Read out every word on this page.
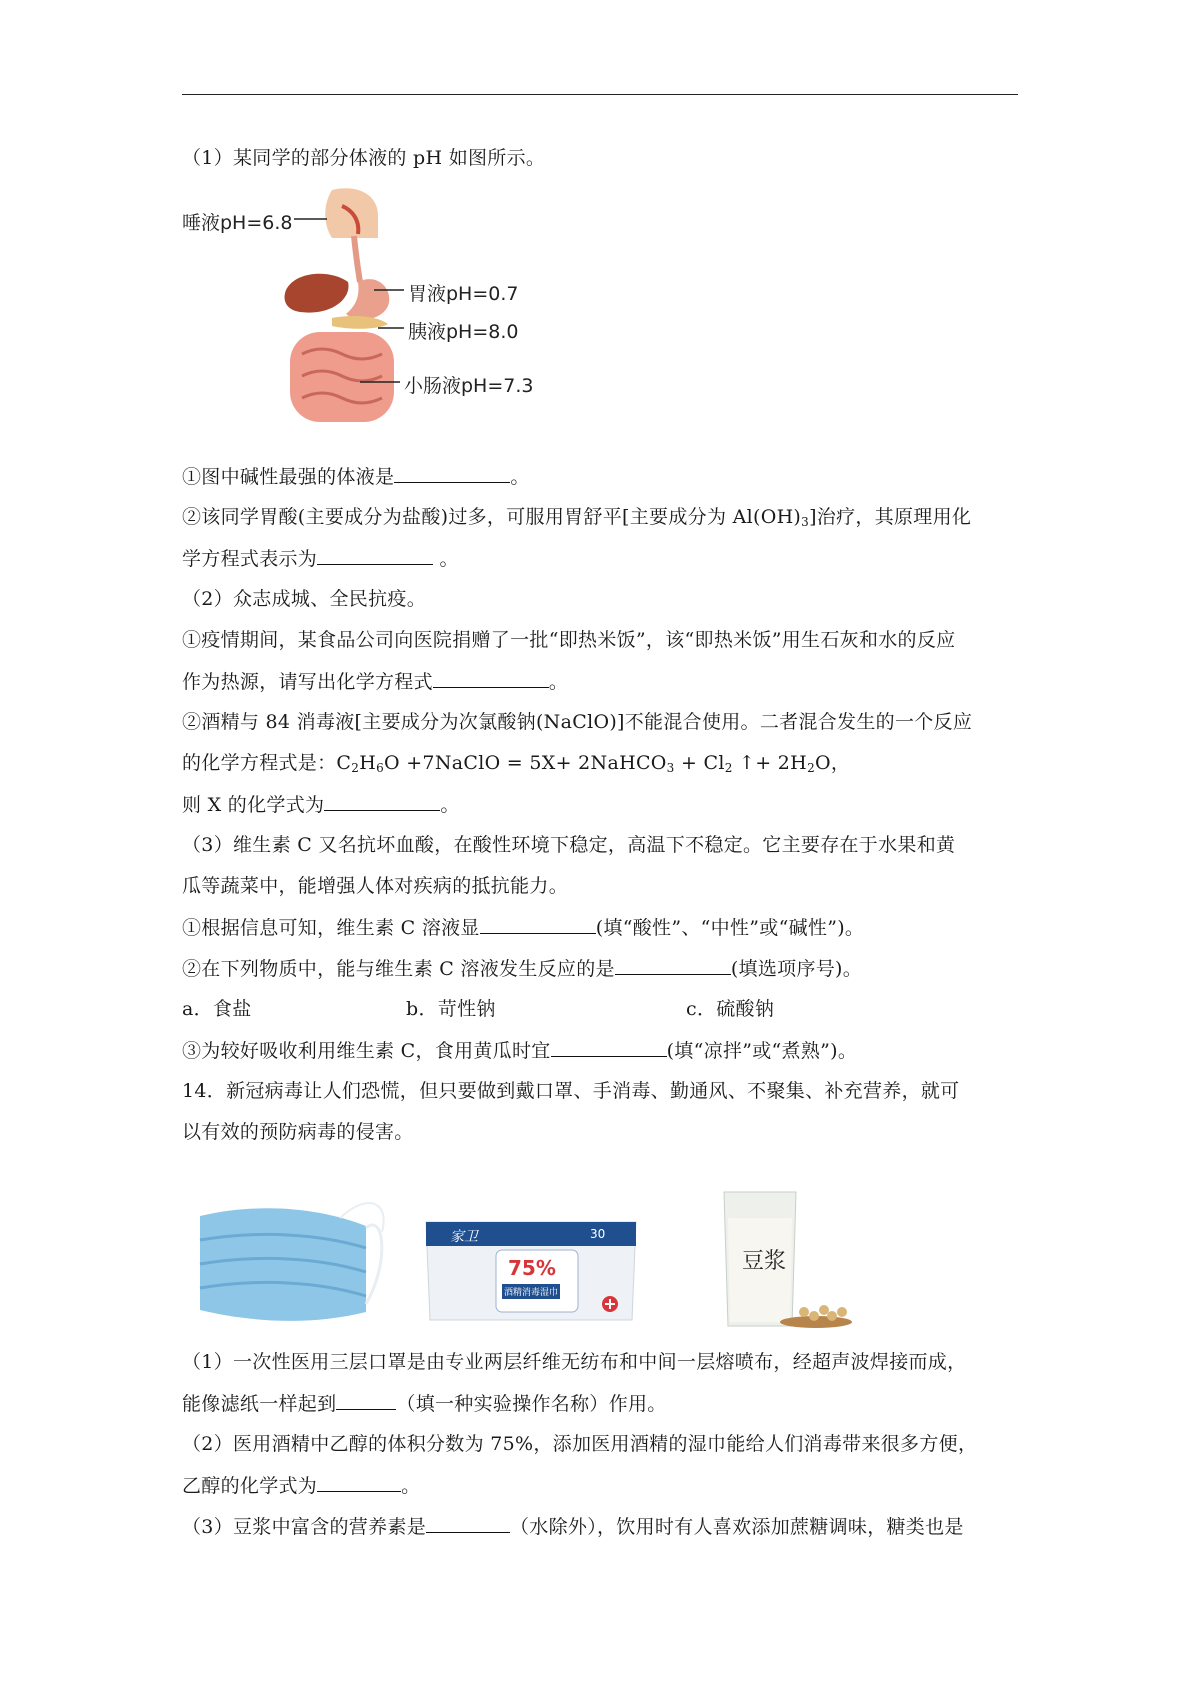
（1）某同学的部分体液的 pH 如图所示。
唾液pH=6.8
胃液pH=0.7
胰液pH=8.0
小肠液pH=7.3
①图中碱性最强的体液是	。
②该同学胃酸(主要成分为盐酸)过多，可服用胃舒平[主要成分为 $Al(OH)_3$]治疗，其原理用化
学方程式表示为	。
（2）众志成城、全民抗疫。
①疫情期间，某食品公司向医院捐赠了一批“即热米饭”，该“即热米饭”用生石灰和水的反应
作为热源，请写出化学方程式	。
②酒精与 84 消毒液[主要成分为次氯酸钠(NaClO)]不能混合使用。二者混合发生的一个反应
的化学方程式是：$C_2H_6O$ +7NaClO = 5X+ 2NaHCO$_3$ + $Cl_2$ ↑+ $2H_2O$，
则 X 的化学式为	。
（3）维生素 C 又名抗坏血酸，在酸性环境下稳定，高温下不稳定。它主要存在于水果和黄
瓜等蔬菜中，能增强人体对疾病的抵抗能力。
①根据信息可知，维生素 C 溶液显	(填“酸性”、“中性”或“碱性”)。
②在下列物质中，能与维生素 C 溶液发生反应的是	(填选项序号)。
a．食盐	b．苛性钠	c．硫酸钠
③为较好吸收利用维生素 C，食用黄瓜时宜	(填“凉拌”或“煮熟”)。
14．新冠病毒让人们恐慌，但只要做到戴口罩、手消毒、勤通风、不聚集、补充营养，就可
以有效的预防病毒的侵害。
家卫	30
75%
酒精消毒湿巾
豆浆
（1）一次性医用三层口罩是由专业两层纤维无纺布和中间一层熔喷布，经超声波焊接而成，
能像滤纸一样起到	（填一种实验操作名称）作用。
（2）医用酒精中乙醇的体积分数为 75%，添加医用酒精的湿巾能给人们消毒带来很多方便，
乙醇的化学式为	。
（3）豆浆中富含的营养素是	（水除外），饮用时有人喜欢添加蔗糖调味，糖类也是
